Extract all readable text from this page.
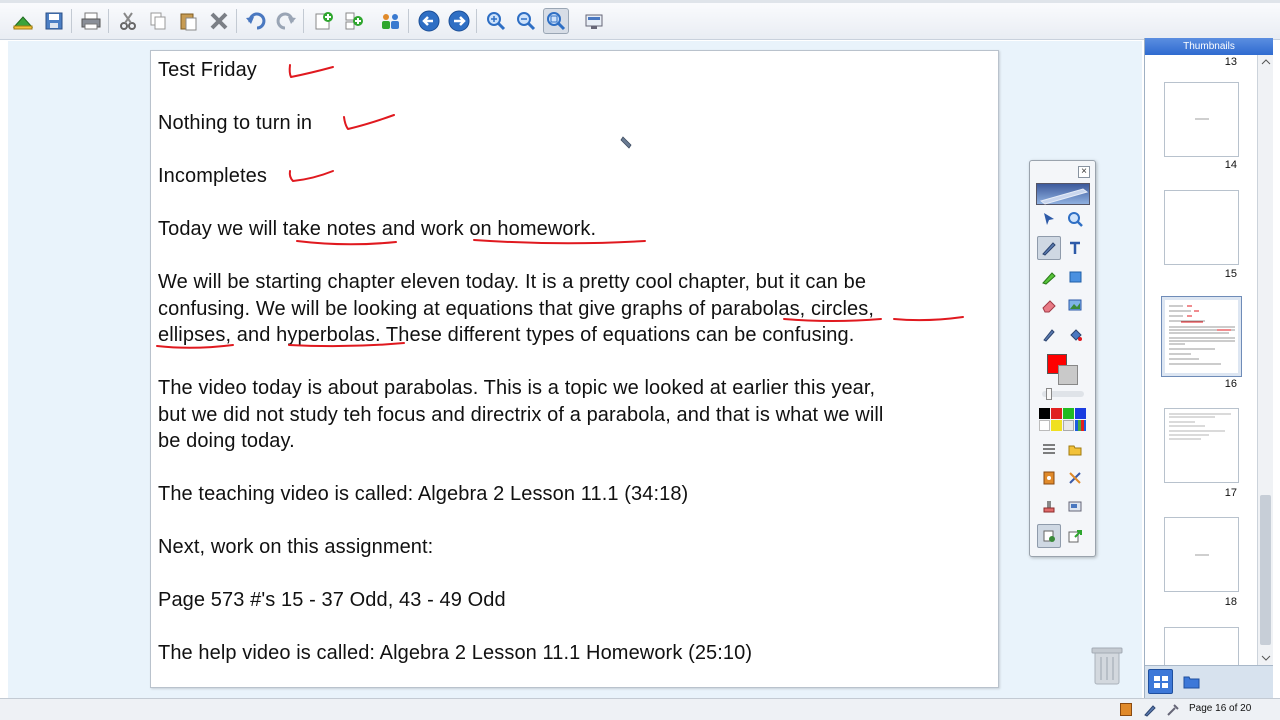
Test Friday
Nothing to turn in
Incompletes
Today we will take notes and work on homework.
We will be starting chapter eleven today. It is a pretty cool chapter, but it can be
confusing. We will be looking at equations that give graphs of parabolas, circles,
ellipses, and hyperbolas. These different types of equations can be confusing.
The video today is about parabolas. This is a topic we looked at earlier this year,
but we did not study teh focus and directrix of a parabola, and that is what we will
be doing today.
The teaching video is called: Algebra 2 Lesson 11.1 (34:18)
Next, work on this assignment:
Page 573 #'s 15 - 37 Odd, 43 - 49 Odd
The help video is called: Algebra 2 Lesson 11.1 Homework (25:10)
×
Thumbnails
13
14
15
16
17
18
Page 16 of 20
